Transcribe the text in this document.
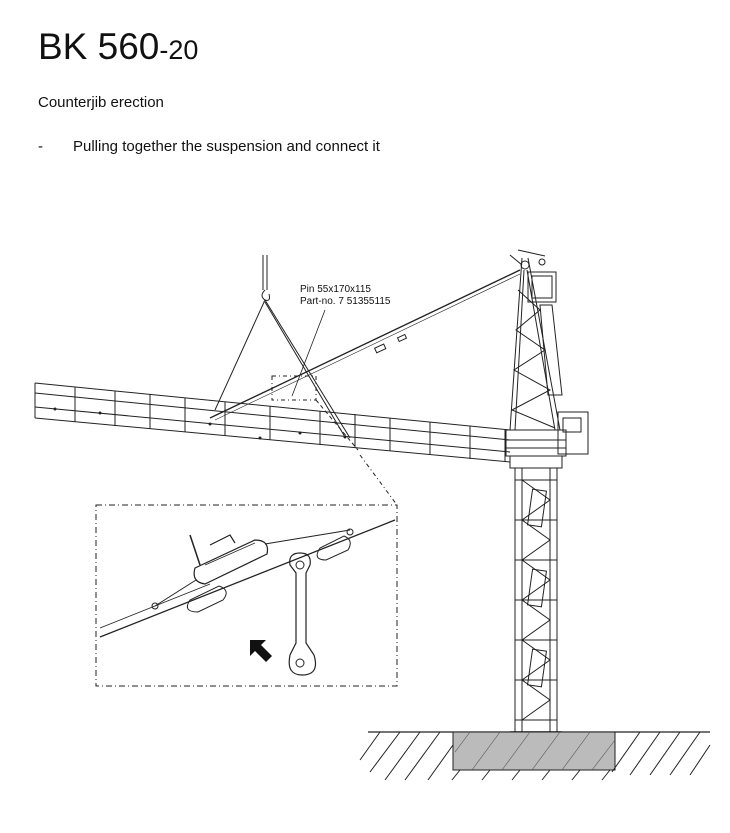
BK 560-20
Counterjib erection
- Pulling together the suspension and connect it
Pin 55x170x115
Part-no. 7 51355115
